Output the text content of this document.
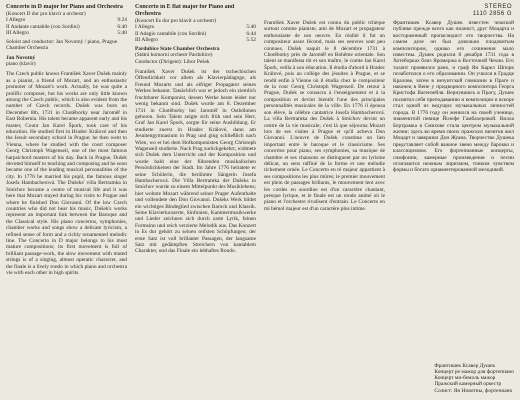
Concerto in D major for Piano and Orchestra
(Koncert D dur pro klavír a orchestr)
I Allegro	9:24
II Andante cantabile (con Sordini)	6:40
III Allegro	5:40
Soloist and conductor: Jan Novotný / piano, Prague Chamber Orchestra
Jan Novotný
piano (klavír)

The Czech public knows František Xaver Dušek mainly as a pianist, a friend of Mozart, and an enthusiastic promoter of Mozart's work. Actually, he was quite a prolific composer, but his works are only little known among the Czech public, which is also evident from the number of Czech records. Dušek was born on December 8th, 1731 in Chotěborky near Jaroměř in East Bohemia. His talent became apparent early and his master, Count Jan Karel Špork, took care of his education. He studied first in Hradec Králové and then the Jesuit secondary school in Prague; he then went to Vienna, where he studied with the court composer Georg Christoph Wagenseil, one of the most famous harpsichord masters of his day. Back in Prague, Dušek devoted himself to teaching and composing and he soon became one of the leading musical personalities of the city. In 1776 he married his pupil, the famous singer Josefa Hambacherová. The Dušeks' villa Bertramka in Smíchov became a centre of musical life and it was here that Mozart stayed during his visits to Prague and where he finished Don Giovanni. Of the low Czech countries who did not hear his music, Dušek's works represent an important link between the Baroque and the Classical style. His piano concertos, symphonies, chamber works and songs show a delicate lyricism, a refined sense of form and a richly ornamented melodic line. The Concerto in D major belongs to his most mature compositions; its first movement is full of brilliant passage-work, the slow movement with muted strings is of a singing, almost operatic character, and the finale is a lively rondo in which piano and orchestra vie with each other in high spirits.

Concerto in E flat major for Piano and Orchestra
(Koncert Es dur pro klavír a orchestr)
I Allegro	5:40
II Adagio cantabile (con Sordini)	6:44
III Allegro	5:52
Pardubice State Chamber Orchestra
(Státní komorní orchestr Pardubice)
Conductor (Dirigent): Libor Pešek

František Xaver Dušek ist der tschechischen Öffentlichkeit vor allem als Klavierpädagoge, als Freund Mozarts und als eifriger Propagator seines Werkes bekannt. Tatsächlich war er jedoch ein ziemlich fruchtbarer Komponist, dessen Werke heute leider nur wenig bekannt sind. Dušek wurde am 8. Dezember 1731 in Chotěborky bei Jaroměř in Ostböhmen geboren. Sein Talent zeigte sich früh und sein Herr, Graf Jan Karel Špork, sorgte für seine Ausbildung. Er studierte zuerst in Hradec Králové, dann am Jesuitengymnasium in Prag und ging schließlich nach Wien, wo er bei dem Hofkomponisten Georg Christoph Wagenseil studierte. Nach Prag zurückgekehrt, widmete sich Dušek dem Unterricht und der Komposition und wurde bald eine der führenden musikalischen Persönlichkeiten der Stadt. Im Jahre 1776 heiratete er seine Schülerin, die berühmte Sängerin Josefa Hambacherová. Die Villa Bertramka der Dušeks in Smíchov wurde zu einem Mittelpunkt des Musiklebens; hier wohnte Mozart während seiner Prager Aufenthalte und vollendete den Don Giovanni. Dušeks Werk bildet ein wichtiges Bindeglied zwischen Barock und Klassik. Seine Klavierkonzerte, Sinfonien, Kammermusikwerke und Lieder zeichnen sich durch zarte Lyrik, feinen Formsinn und reich verzierte Melodik aus. Das Konzert in Es dur gehört zu seinen reifsten Schöpfungen; der erste Satz ist voll brillanter Passagen, der langsame Satz mit gedämpften Streichern von kantablem Charakter, und das Finale ein lebhaftes Rondo.

František Xaver Dušek est connu du public tchèque surtout comme pianiste, ami de Mozart et propagateur enthousiaste de son oeuvre. En réalité il fut un compositeur assez fécond, mais ses oeuvres sont peu connues. Dušek naquit le 8 décembre 1731 à Chotěborky près de Jaroměř en Bohême orientale. Son talent se manifesta tôt et son maître, le comte Jan Karel Špork, veilla à son éducation. Il étudia d'abord à Hradec Králové, puis au collège des jésuites à Prague, et se rendit enfin à Vienne où il étudia chez le compositeur de la cour Georg Christoph Wagenseil. De retour à Prague, Dušek se consacra à l'enseignement et à la composition et devint bientôt l'une des principales personnalités musicales de la ville. En 1776 il épousa son élève, la célèbre cantatrice Josefa Hambacherová. La villa Bertramka des Dušek à Smíchov devint un centre de la vie musicale; c'est là que séjourna Mozart lors de ses visites à Prague et qu'il acheva Don Giovanni. L'oeuvre de Dušek constitue un lien important entre le baroque et le classicisme. Ses concertos pour piano, ses symphonies, sa musique de chambre et ses chansons se distinguent par un lyrisme délicat, un sens raffiné de la forme et une mélodie richement ornée. Le Concerto en ré majeur appartient à ses compositions les plus mûres; le premier mouvement est plein de passages brillants, le mouvement lent avec les cordes en sourdine est d'un caractère chantant, presque lyrique, et le finale est un rondo animé où le piano et l'orchestre rivalisent d'entrain. Le Concerto en mi bémol majeur est d'un caractère plus intime.

Франтишек Ксавер Душек известен чешской публике прежде всего как пианист, друг Моцарта и восторженный пропагандист его творчества. На самом деле он был довольно плодовитым композитором, однако его сочинения мало известны. Душек родился 8 декабря 1731 года в Хотеборках близ Яромержа в Восточной Чехии. Его талант проявился рано, и граф Ян Карел Шпорк позаботился о его образовании. Он учился в Градце Кралове, затем в иезуитской гимназии в Праге и наконец в Вене у придворного композитора Георга Кристофа Вагензейля. Вернувшись в Прагу, Душек посвятил себя преподаванию и композиции и вскоре стал одной из ведущих музыкальных личностей города. В 1776 году он женился на своей ученице, знаменитой певице Йозефе Гамбахеровой. Вилла Бертрамка в Смихове стала центром музыкальной жизни; здесь во время своих пражских визитов жил Моцарт и завершил Дон Жуана. Творчество Душека представляет собой важное звено между барокко и классицизмом. Его фортепианные концерты, симфонии, камерные произведения и песни отличаются нежным лиризмом, тонким чувством формы и богато орнаментированной мелодикой.

Франтишек Ксавер Душек
Концерт ре мажор для фортепиано
Концерт ми-бемоль мажор
Пражский камерный оркестр
Солист: Ян Новотны, фортепиано
STEREO
1110 2856 G
